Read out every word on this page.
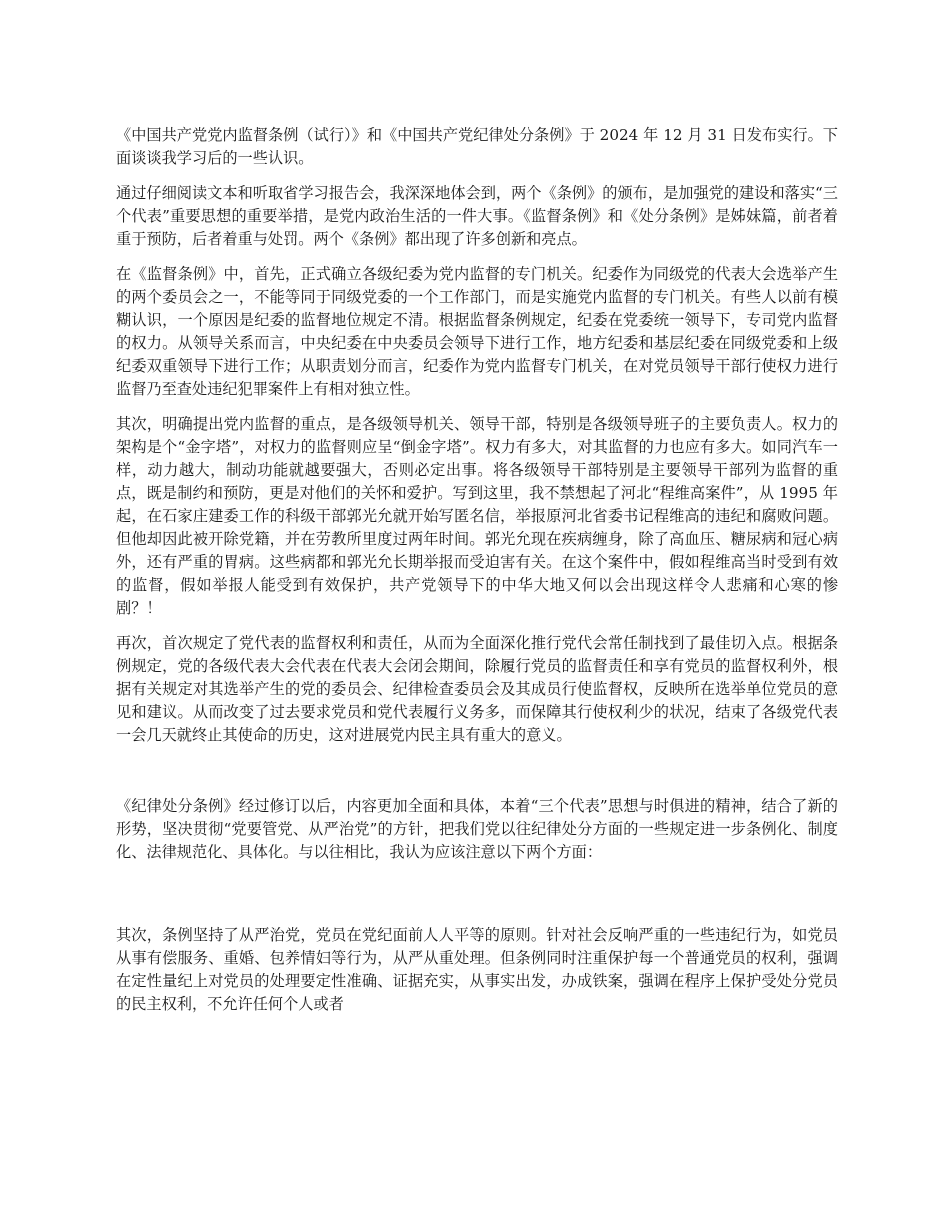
《中国共产党党内监督条例（试行）》和《中国共产党纪律处分条例》于 2024 年 12 月 31 日发布实行。下面谈谈我学习后的一些认识。

通过仔细阅读文本和听取省学习报告会，我深深地体会到，两个《条例》的颁布，是加强党的建设和落实“三个代表”重要思想的重要举措，是党内政治生活的一件大事。《监督条例》和《处分条例》是姊妹篇，前者着重于预防，后者着重与处罚。两个《条例》都出现了许多创新和亮点。

在《监督条例》中，首先，正式确立各级纪委为党内监督的专门机关。纪委作为同级党的代表大会选举产生的两个委员会之一，不能等同于同级党委的一个工作部门，而是实施党内监督的专门机关。有些人以前有模糊认识，一个原因是纪委的监督地位规定不清。根据监督条例规定，纪委在党委统一领导下，专司党内监督的权力。从领导关系而言，中央纪委在中央委员会领导下进行工作，地方纪委和基层纪委在同级党委和上级纪委双重领导下进行工作；从职责划分而言，纪委作为党内监督专门机关，在对党员领导干部行使权力进行监督乃至查处违纪犯罪案件上有相对独立性。

其次，明确提出党内监督的重点，是各级领导机关、领导干部，特别是各级领导班子的主要负责人。权力的架构是个“金字塔”，对权力的监督则应呈“倒金字塔”。权力有多大，对其监督的力也应有多大。如同汽车一样，动力越大，制动功能就越要强大，否则必定出事。将各级领导干部特别是主要领导干部列为监督的重点，既是制约和预防，更是对他们的关怀和爱护。写到这里，我不禁想起了河北“程维高案件”，从 1995 年起，在石家庄建委工作的科级干部郭光允就开始写匿名信，举报原河北省委书记程维高的违纪和腐败问题。但他却因此被开除党籍，并在劳教所里度过两年时间。郭光允现在疾病缠身，除了高血压、糖尿病和冠心病外，还有严重的胃病。这些病都和郭光允长期举报而受迫害有关。在这个案件中，假如程维高当时受到有效的监督，假如举报人能受到有效保护，共产党领导下的中华大地又何以会出现这样令人悲痛和心寒的惨剧？！

再次，首次规定了党代表的监督权利和责任，从而为全面深化推行党代会常任制找到了最佳切入点。根据条例规定，党的各级代表大会代表在代表大会闭会期间，除履行党员的监督责任和享有党员的监督权利外，根据有关规定对其选举产生的党的委员会、纪律检查委员会及其成员行使监督权，反映所在选举单位党员的意见和建议。从而改变了过去要求党员和党代表履行义务多，而保障其行使权利少的状况，结束了各级党代表一会几天就终止其使命的历史，这对进展党内民主具有重大的意义。

《纪律处分条例》经过修订以后，内容更加全面和具体，本着“三个代表”思想与时俱进的精神，结合了新的形势，坚决贯彻“党要管党、从严治党”的方针，把我们党以往纪律处分方面的一些规定进一步条例化、制度化、法律规范化、具体化。与以往相比，我认为应该注意以下两个方面：

其次，条例坚持了从严治党，党员在党纪面前人人平等的原则。针对社会反响严重的一些违纪行为，如党员从事有偿服务、重婚、包养情妇等行为，从严从重处理。但条例同时注重保护每一个普通党员的权利，强调在定性量纪上对党员的处理要定性准确、证据充实，从事实出发，办成铁案，强调在程序上保护受处分党员的民主权利，不允许任何个人或者
